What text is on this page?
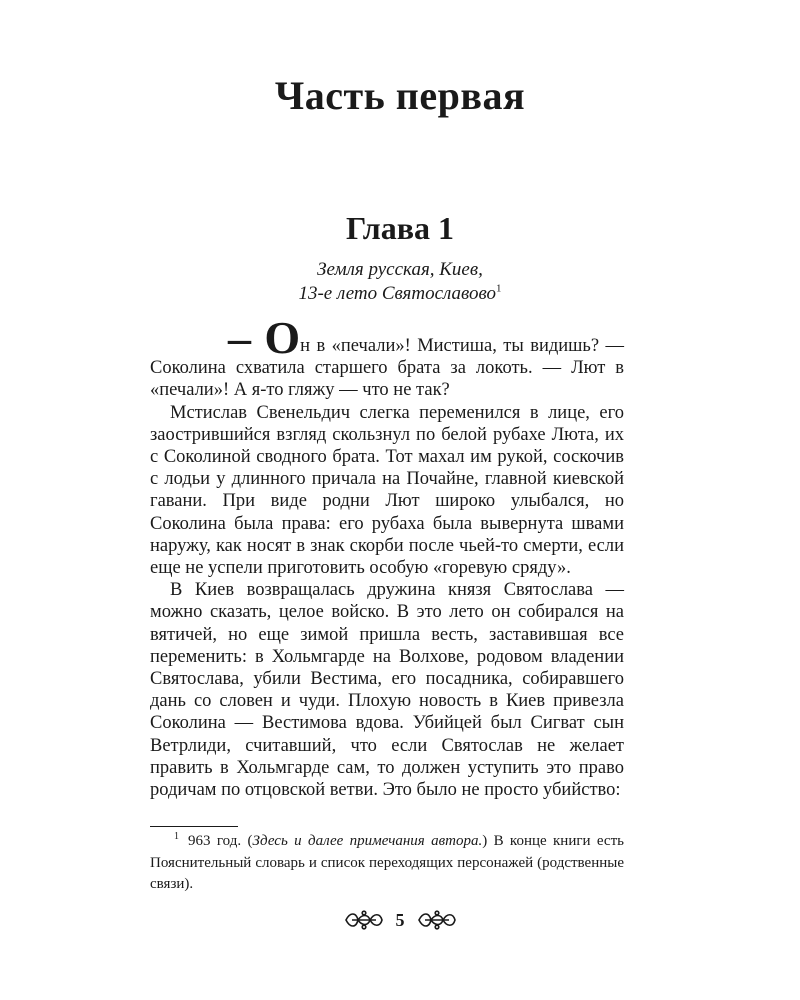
Часть первая
Глава 1
Земля русская, Киев,
13-е лето Святославово$^1$

– Он в «печали»! Мистиша, ты видишь? — Соколина схватила старшего брата за локоть. — Лют в «печали»! А я-то гляжу — что не так?

Мстислав Свенельдич слегка переменился в лице, его заострившийся взгляд скользнул по белой рубахе Люта, их с Соколиной сводного брата. Тот махал им рукой, соскочив с лодьи у длинного причала на Почайне, главной киевской гавани. При виде родни Лют широко улыбался, но Соколина была права: его рубаха была вывернута швами наружу, как носят в знак скорби после чьей-то смерти, если еще не успели приготовить особую «горевую сряду».

В Киев возвращалась дружина князя Святослава — можно сказать, целое войско. В это лето он собирался на вятичей, но еще зимой пришла весть, заставившая все переменить: в Хольмгарде на Волхове, родовом владении Святослава, убили Вестима, его посадника, собиравшего дань со словен и чуди. Плохую новость в Киев привезла Соколина — Вестимова вдова. Убийцей был Сигват сын Ветрлиди, считавший, что если Святослав не желает править в Хольмгарде сам, то должен уступить это право родичам по отцовской ветви. Это было не просто убийство:

$^1$ 963 год. (Здесь и далее примечания автора.) В конце книги есть Пояснительный словарь и список переходящих персонажей (родственные связи).
5
